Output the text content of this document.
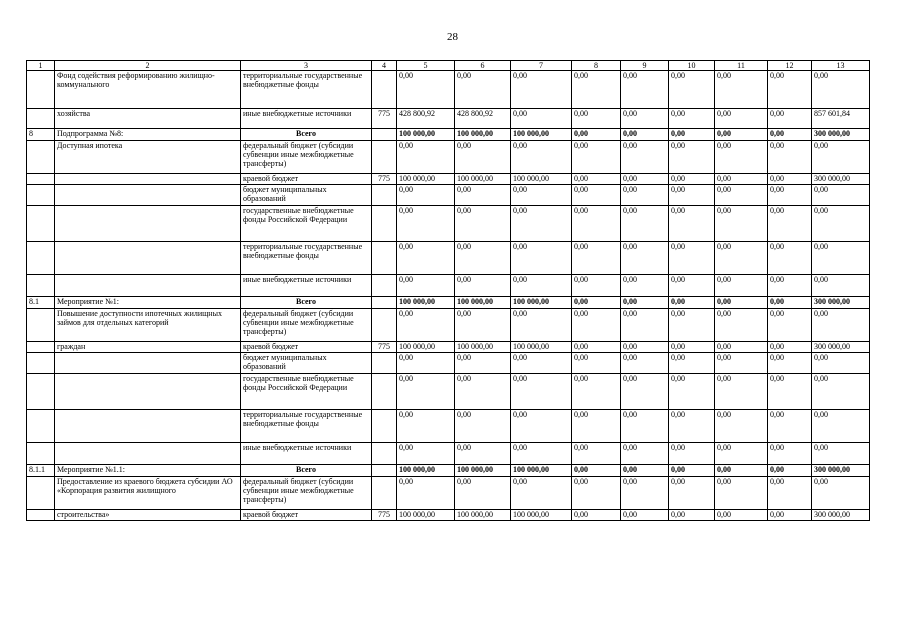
28
1	2	3	4	5	6	7	8	9	10	11	12	13
	Фонд содействия реформированию жилищно-коммунального	территориальные государственные внебюджетные фонды		0,00	0,00	0,00	0,00	0,00	0,00	0,00	0,00	0,00
	хозяйства	иные внебюджетные источники	775	428 800,92	428 800,92	0,00	0,00	0,00	0,00	0,00	0,00	857 601,84
8	Подпрограмма №8:	Всего		100 000,00	100 000,00	100 000,00	0,00	0,00	0,00	0,00	0,00	300 000,00
	Доступная ипотека	федеральный бюджет (субсидии субвенции иные межбюджетные трансферты)		0,00	0,00	0,00	0,00	0,00	0,00	0,00	0,00	0,00
		краевой бюджет	775	100 000,00	100 000,00	100 000,00	0,00	0,00	0,00	0,00	0,00	300 000,00
		бюджет муниципальных образований		0,00	0,00	0,00	0,00	0,00	0,00	0,00	0,00	0,00
		государственные внебюджетные фонды Российской Федерации		0,00	0,00	0,00	0,00	0,00	0,00	0,00	0,00	0,00
		территориальные государственные внебюджетные фонды		0,00	0,00	0,00	0,00	0,00	0,00	0,00	0,00	0,00
		иные внебюджетные источники		0,00	0,00	0,00	0,00	0,00	0,00	0,00	0,00	0,00
8.1	Мероприятие №1:	Всего		100 000,00	100 000,00	100 000,00	0,00	0,00	0,00	0,00	0,00	300 000,00
	Повышение доступности ипотечных жилищных займов для отдельных категорий	федеральный бюджет (субсидии субвенции иные межбюджетные трансферты)		0,00	0,00	0,00	0,00	0,00	0,00	0,00	0,00	0,00
	граждан	краевой бюджет	775	100 000,00	100 000,00	100 000,00	0,00	0,00	0,00	0,00	0,00	300 000,00
		бюджет муниципальных образований		0,00	0,00	0,00	0,00	0,00	0,00	0,00	0,00	0,00
		государственные внебюджетные фонды Российской Федерации		0,00	0,00	0,00	0,00	0,00	0,00	0,00	0,00	0,00
		территориальные государственные внебюджетные фонды		0,00	0,00	0,00	0,00	0,00	0,00	0,00	0,00	0,00
		иные внебюджетные источники		0,00	0,00	0,00	0,00	0,00	0,00	0,00	0,00	0,00
8.1.1	Мероприятие №1.1:	Всего		100 000,00	100 000,00	100 000,00	0,00	0,00	0,00	0,00	0,00	300 000,00
	Предоставление из краевого бюджета субсидии АО «Корпорация развития жилищного	федеральный бюджет (субсидии субвенции иные межбюджетные трансферты)		0,00	0,00	0,00	0,00	0,00	0,00	0,00	0,00	0,00
	строительства»	краевой бюджет	775	100 000,00	100 000,00	100 000,00	0,00	0,00	0,00	0,00	0,00	300 000,00
